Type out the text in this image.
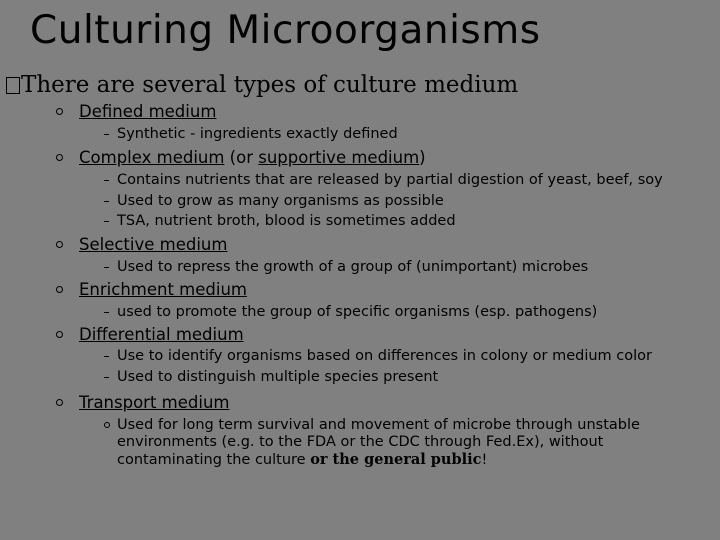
Culturing Microorganisms
There are several types of culture medium
Defined medium
Synthetic - ingredients exactly defined
Complex medium (or supportive medium )
Contains nutrients that are released by partial digestion of yeast, beef, soy
Used to grow as many organisms as possible
TSA, nutrient broth, blood is sometimes added
Selective medium
Used to repress the growth of a group of (unimportant) microbes
Enrichment medium
used to promote the group of specific organisms (esp. pathogens)
Differential medium
Use to identify organisms based on differences in colony or medium color
Used to distinguish multiple species present
Transport medium
Used for long term survival and movement of microbe through unstable environments (e.g. to the FDA or the CDC through Fed.Ex), without contaminating the culture or the general public!
